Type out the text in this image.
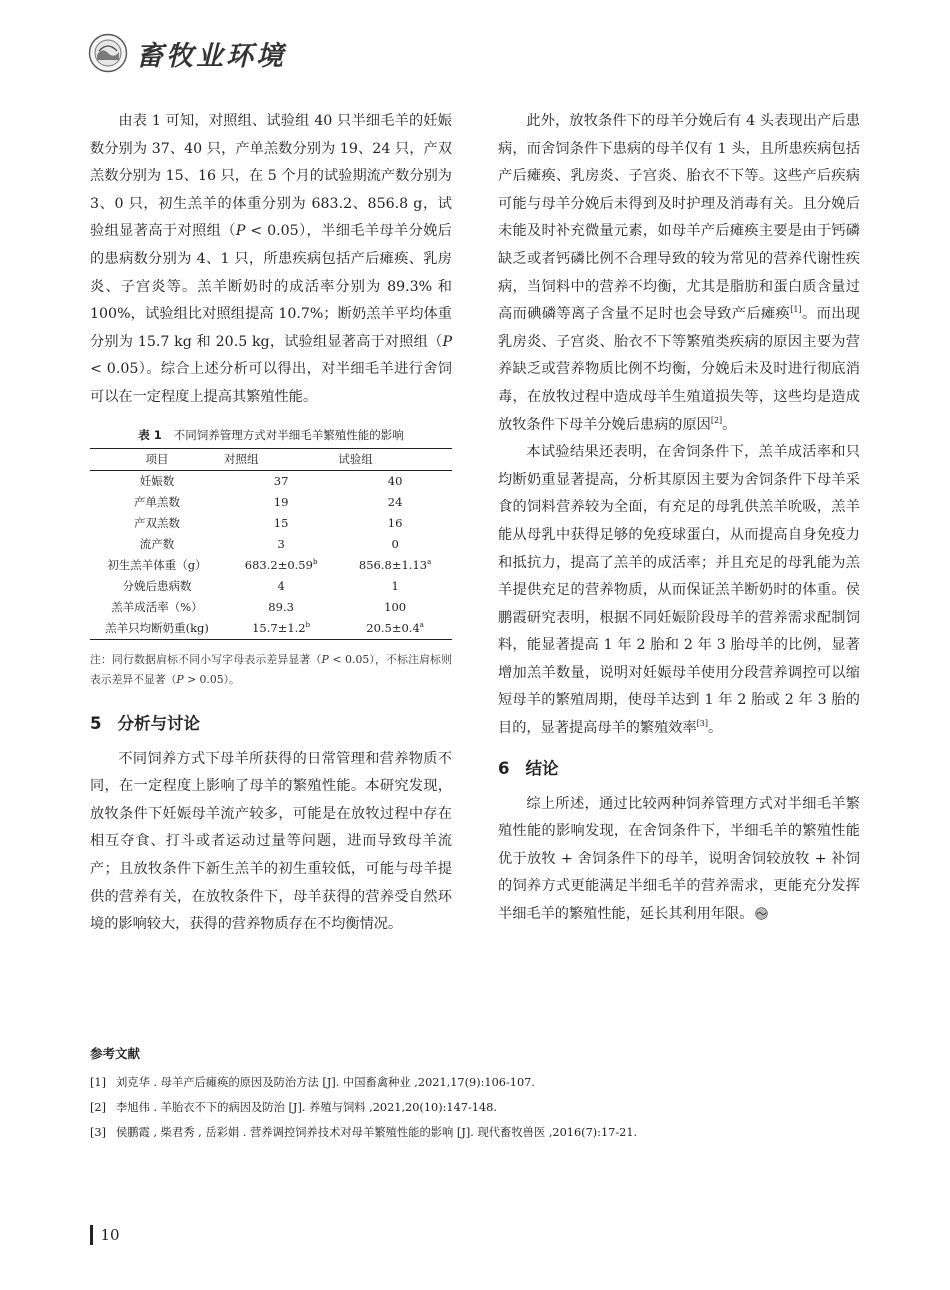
畜牧业环境

由表 1 可知，对照组、试验组 40 只半细毛羊的妊娠数分别为 37、40 只，产单羔数分别为 19、24 只，产双羔数分别为 15、16 只，在 5 个月的试验期流产数分别为 3、0 只，初生羔羊的体重分别为 683.2、856.8 g，试验组显著高于对照组（P < 0.05），半细毛羊母羊分娩后的患病数分别为 4、1 只，所患疾病包括产后瘫痪、乳房炎、子宫炎等。羔羊断奶时的成活率分别为 89.3% 和 100%，试验组比对照组提高 10.7%；断奶羔羊平均体重分别为 15.7 kg 和 20.5 kg，试验组显著高于对照组（P < 0.05）。综合上述分析可以得出，对半细毛羊进行舍饲可以在一定程度上提高其繁殖性能。

表 1 不同饲养管理方式对半细毛羊繁殖性能的影响

项目	对照组	试验组
妊娠数	37	40
产单羔数	19	24
产双羔数	15	16
流产数	3	0
初生羔羊体重（g）	683.2±0.59$^b$	856.8±1.13$^a$
分娩后患病数	4	1
羔羊成活率（%）	89.3	100
羔羊只均断奶重(kg)	15.7±1.2$^b$	20.5±0.4$^a$

注：同行数据肩标不同小写字母表示差异显著（P < 0.05），不标注肩标则表示差异不显著（P > 0.05）。

5 分析与讨论

不同饲养方式下母羊所获得的日常管理和营养物质不同，在一定程度上影响了母羊的繁殖性能。本研究发现，放牧条件下妊娠母羊流产较多，可能是在放牧过程中存在相互夺食、打斗或者运动过量等问题，进而导致母羊流产；且放牧条件下新生羔羊的初生重较低，可能与母羊提供的营养有关，在放牧条件下，母羊获得的营养受自然环境的影响较大，获得的营养物质存在不均衡情况。

此外，放牧条件下的母羊分娩后有 4 头表现出产后患病，而舍饲条件下患病的母羊仅有 1 头，且所患疾病包括产后瘫痪、乳房炎、子宫炎、胎衣不下等。这些产后疾病可能与母羊分娩后未得到及时护理及消毒有关。且分娩后未能及时补充微量元素，如母羊产后瘫痪主要是由于钙磷缺乏或者钙磷比例不合理导致的较为常见的营养代谢性疾病，当饲料中的营养不均衡，尤其是脂肪和蛋白质含量过高而碘磷等离子含量不足时也会导致产后瘫痪[1]。而出现乳房炎、子宫炎、胎衣不下等繁殖类疾病的原因主要为营养缺乏或营养物质比例不均衡，分娩后未及时进行彻底消毒，在放牧过程中造成母羊生殖道损失等，这些均是造成放牧条件下母羊分娩后患病的原因[2]。

本试验结果还表明，在舍饲条件下，羔羊成活率和只均断奶重显著提高，分析其原因主要为舍饲条件下母羊采食的饲料营养较为全面，有充足的母乳供羔羊吮吸，羔羊能从母乳中获得足够的免疫球蛋白，从而提高自身免疫力和抵抗力，提高了羔羊的成活率；并且充足的母乳能为羔羊提供充足的营养物质，从而保证羔羊断奶时的体重。侯鹏霞研究表明，根据不同妊娠阶段母羊的营养需求配制饲料，能显著提高 1 年 2 胎和 2 年 3 胎母羊的比例，显著增加羔羊数量，说明对妊娠母羊使用分段营养调控可以缩短母羊的繁殖周期，使母羊达到 1 年 2 胎或 2 年 3 胎的目的，显著提高母羊的繁殖效率[3]。

6 结论

综上所述，通过比较两种饲养管理方式对半细毛羊繁殖性能的影响发现，在舍饲条件下，半细毛羊的繁殖性能优于放牧 + 舍饲条件下的母羊，说明舍饲较放牧 + 补饲的饲养方式更能满足半细毛羊的营养需求，更能充分发挥半细毛羊的繁殖性能，延长其利用年限。

参考文献

[1] 刘克华 . 母羊产后瘫痪的原因及防治方法 [J]. 中国畜禽种业 ,2021,17(9):106-107.

[2] 李旭伟 . 羊胎衣不下的病因及防治 [J]. 养殖与饲料 ,2021,20(10):147-148.

[3] 侯鹏霞 , 柴君秀 , 岳彩娟 . 营养调控饲养技术对母羊繁殖性能的影响 [J]. 现代畜牧兽医 ,2016(7):17-21.

10
